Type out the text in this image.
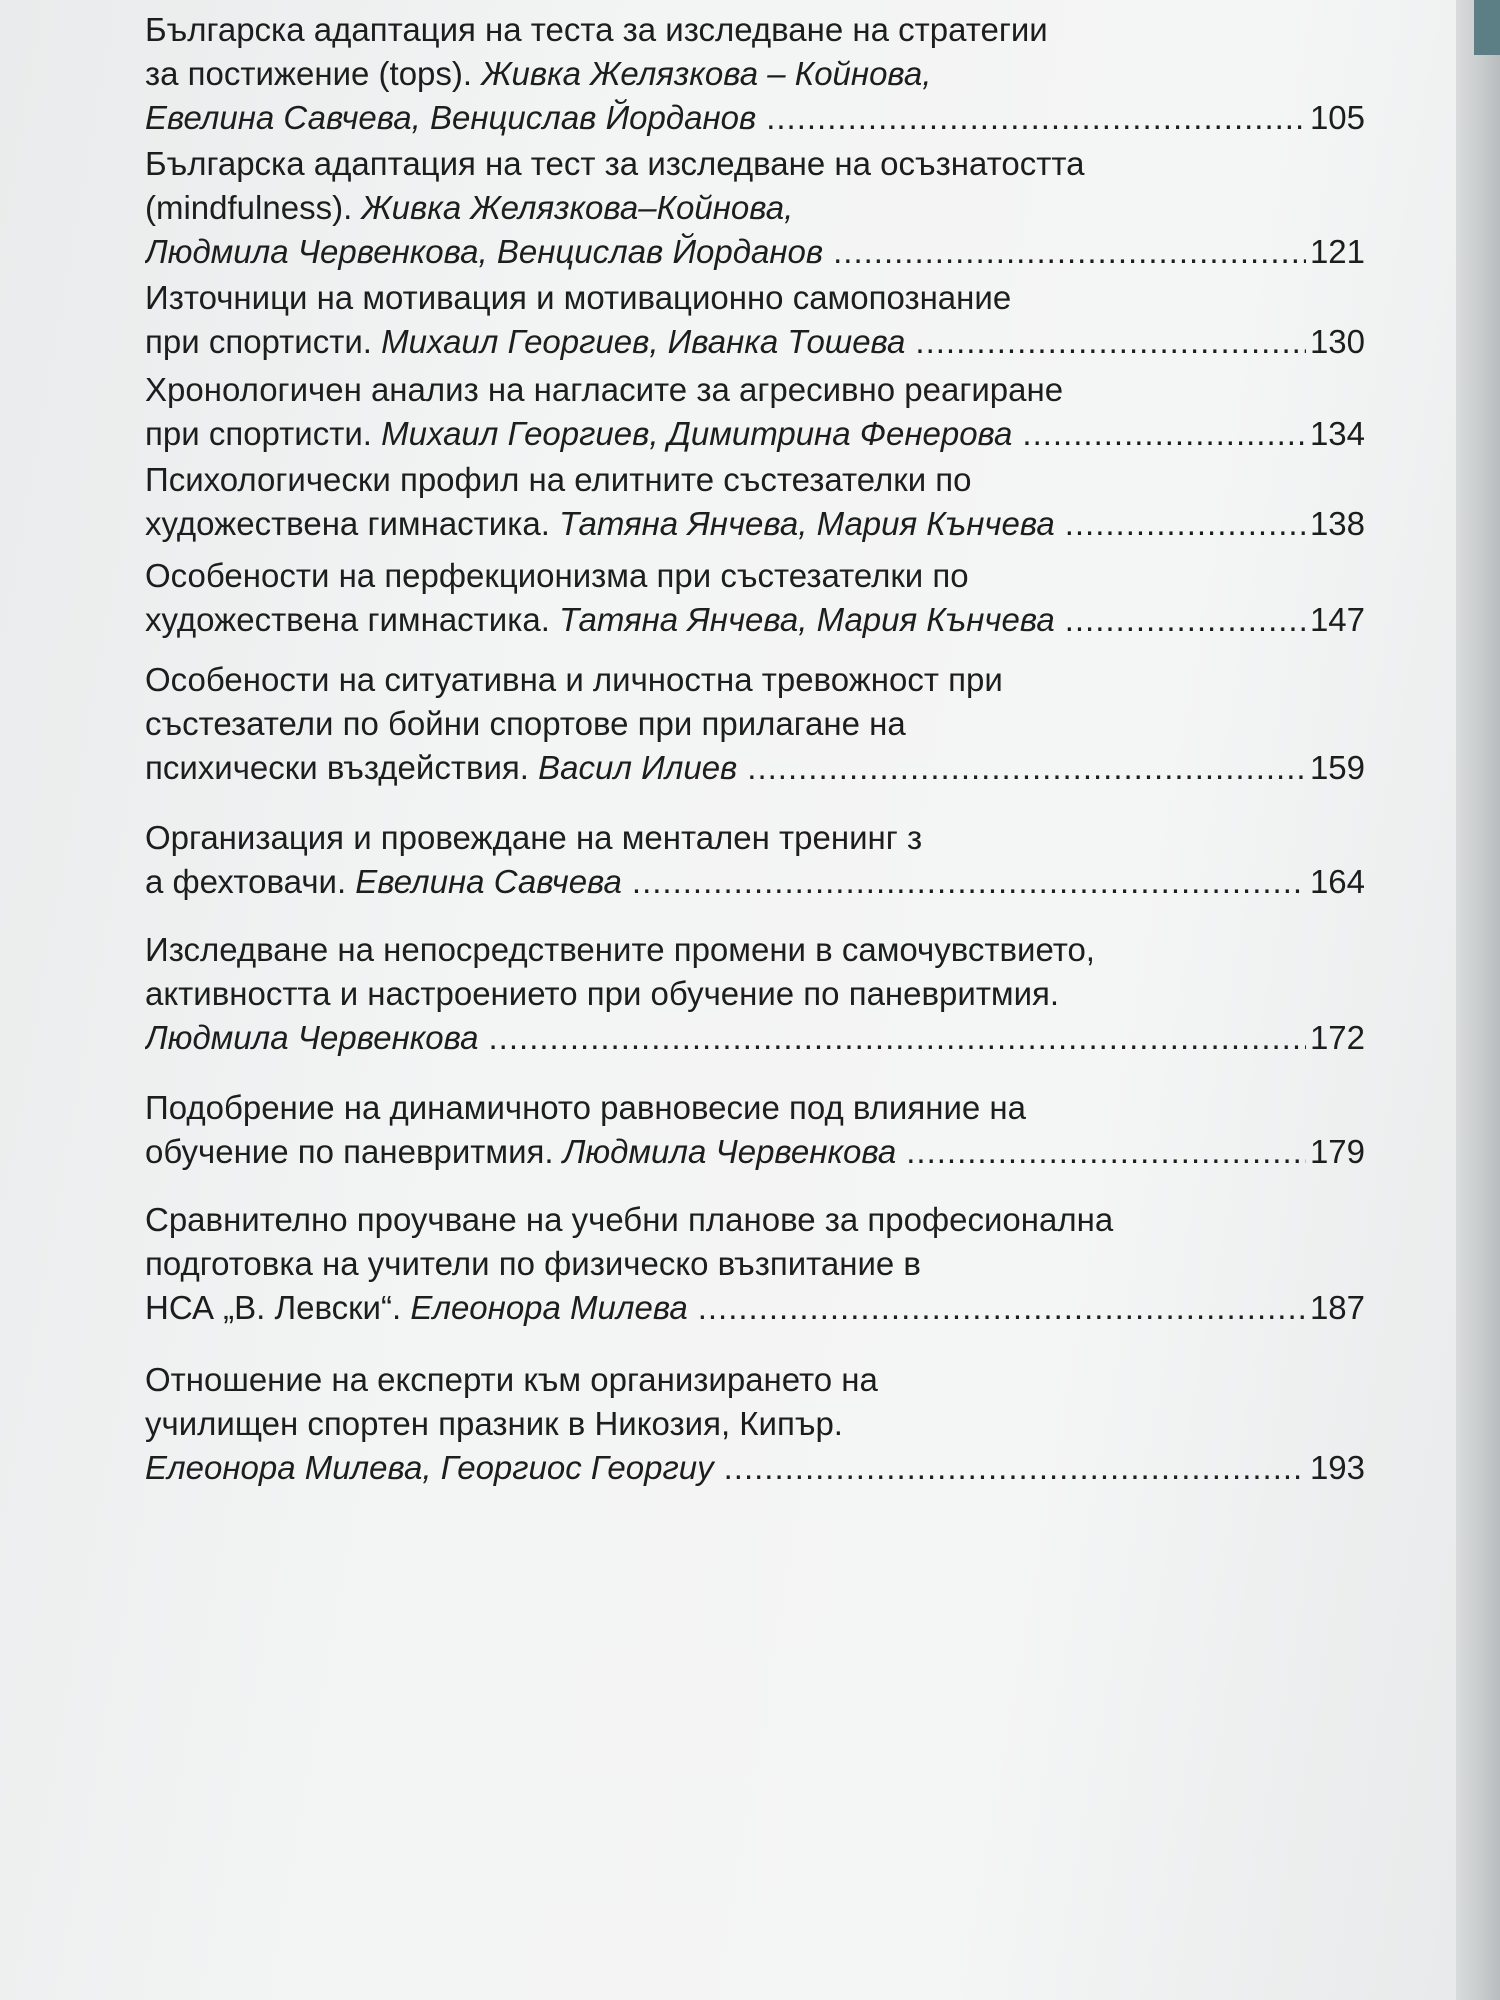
Българска адаптация на теста за изследване на стратегии
за постижение (tops). Живка Желязкова – Койнова,
Евелина Савчева, Венцислав Йорданов .....	105
Българска адаптация на тест за изследване на осъзнатостта
(mindfulness). Живка Желязкова–Койнова,
Людмила Червенкова, Венцислав Йорданов .....	121
Източници на мотивация и мотивационно самопознание
при спортисти. Михаил Георгиев, Иванка Тошева .....	130
Хронологичен анализ на нагласите за агресивно реагиране
при спортисти. Михаил Георгиев, Димитрина Фенерова .....	134
Психологически профил на елитните състезателки по
художествена гимнастика. Татяна Янчева, Мария Кънчева .....	138
Особености на перфекционизма при състезателки по
художествена гимнастика. Татяна Янчева, Мария Кънчева .....	147
Особености на ситуативна и личностна тревожност при
състезатели по бойни спортове при прилагане на
психически въздействия. Васил Илиев .....	159
Организация и провеждане на ментален тренинг з
а фехтовачи. Евелина Савчева .....	164
Изследване на непосредствените промени в самочувствието,
активността и настроението при обучение по паневритмия.
Людмила Червенкова .....	172
Подобрение на динамичното равновесие под влияние на
обучение по паневритмия. Людмила Червенкова .....	179
Сравнително проучване на учебни планове за професионална
подготовка на учители по физическо възпитание в
НСА „В. Левски“. Елеонора Милева .....	187
Отношение на експерти към организирането на
училищен спортен празник в Никозия, Кипър.
Елеонора Милева, Георгиос Георгиу .....	193
